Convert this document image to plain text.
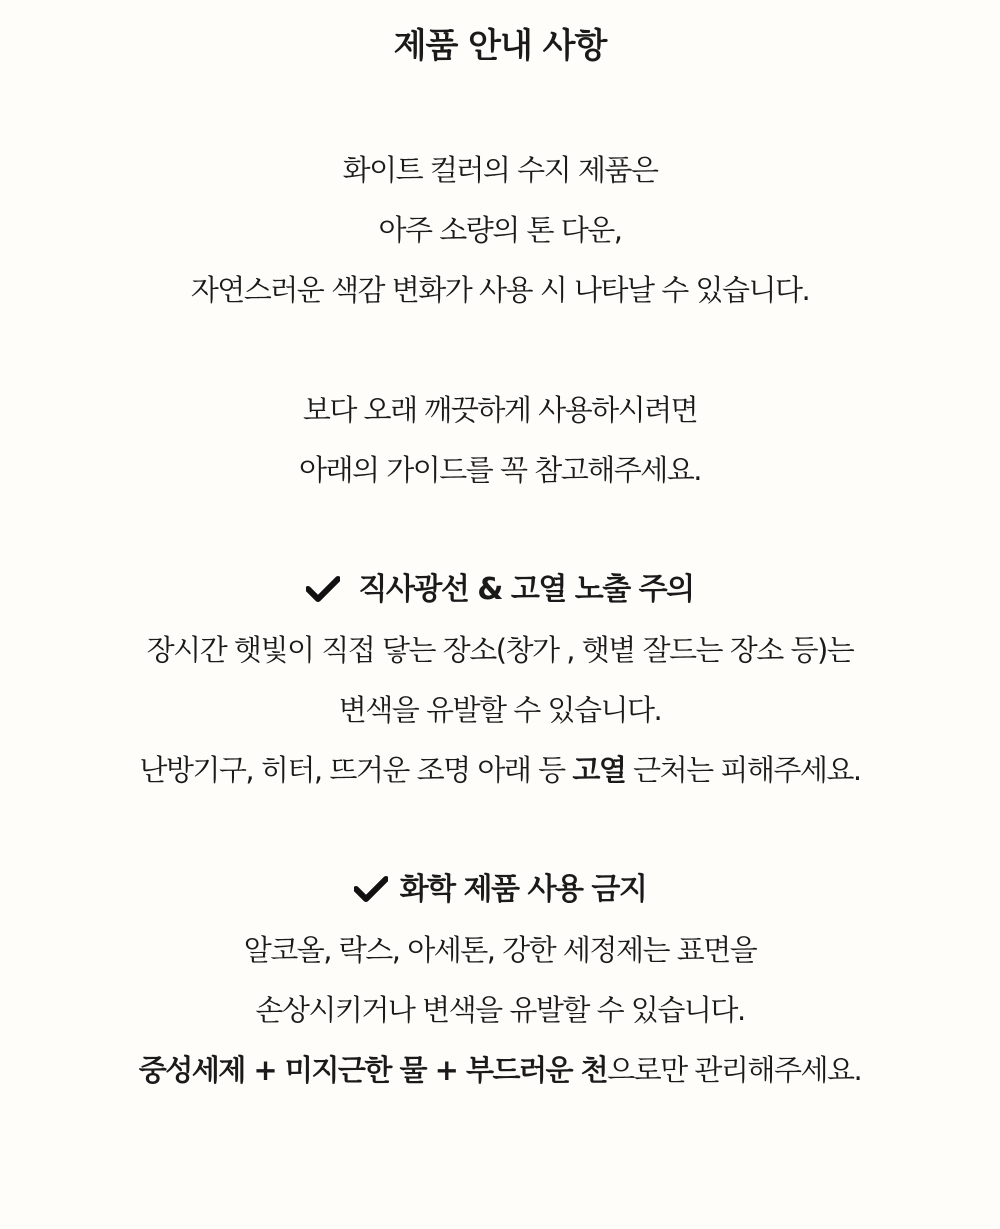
제품 안내 사항
화이트 컬러의 수지 제품은
아주 소량의 톤 다운,
자연스러운 색감 변화가 사용 시 나타날 수 있습니다.
보다 오래 깨끗하게 사용하시려면
아래의 가이드를 꼭 참고해주세요.
직사광선 & 고열 노출 주의
장시간 햇빛이 직접 닿는 장소(창가 , 햇볕 잘드는 장소 등)는
변색을 유발할 수 있습니다.
난방기구, 히터, 뜨거운 조명 아래 등 고열 근처는 피해주세요.
화학 제품 사용 금지
알코올, 락스, 아세톤, 강한 세정제는 표면을
손상시키거나 변색을 유발할 수 있습니다.
중성세제 + 미지근한 물 + 부드러운 천으로만 관리해주세요.
